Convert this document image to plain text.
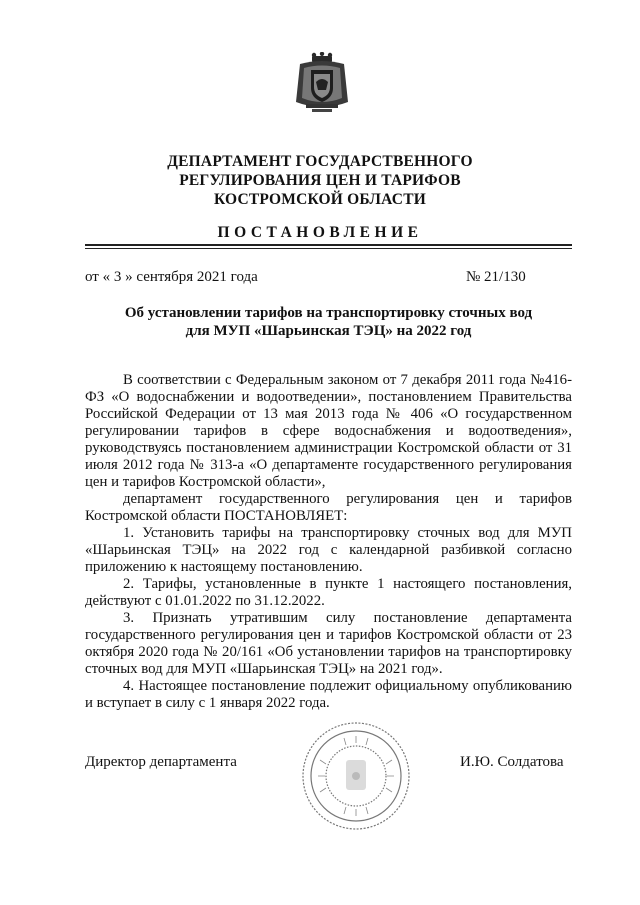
ДЕПАРТАМЕНТ ГОСУДАРСТВЕННОГО
РЕГУЛИРОВАНИЯ ЦЕН И ТАРИФОВ
КОСТРОМСКОЙ ОБЛАСТИ
ПОСТАНОВЛЕНИЕ
от « 3 » сентября 2021 года	№ 21/130
Об установлении тарифов на транспортировку сточных вод
для МУП «Шарьинская ТЭЦ» на 2022 год

В соответствии с Федеральным законом от 7 декабря 2011 года №416-ФЗ «О водоснабжении и водоотведении», постановлением Правительства Российской Федерации от 13 мая 2013 года № 406 «О государственном регулировании тарифов в сфере водоснабжения и водоотведения», руководствуясь постановлением администрации Костромской области от 31 июля 2012 года № 313-а «О департаменте государственного регулирования цен и тарифов Костромской области»,

департамент государственного регулирования цен и тарифов Костромской области ПОСТАНОВЛЯЕТ:

1. Установить тарифы на транспортировку сточных вод для МУП «Шарьинская ТЭЦ» на 2022 год с календарной разбивкой согласно приложению к настоящему постановлению.

2. Тарифы, установленные в пункте 1 настоящего постановления, действуют с 01.01.2022 по 31.12.2022.

3. Признать утратившим силу постановление департамента государственного регулирования цен и тарифов Костромской области от 23 октября 2020 года № 20/161 «Об установлении тарифов на транспортировку сточных вод для МУП «Шарьинская ТЭЦ» на 2021 год».

4. Настоящее постановление подлежит официальному опубликованию и вступает в силу с 1 января 2022 года.

Директор департамента	И.Ю. Солдатова
